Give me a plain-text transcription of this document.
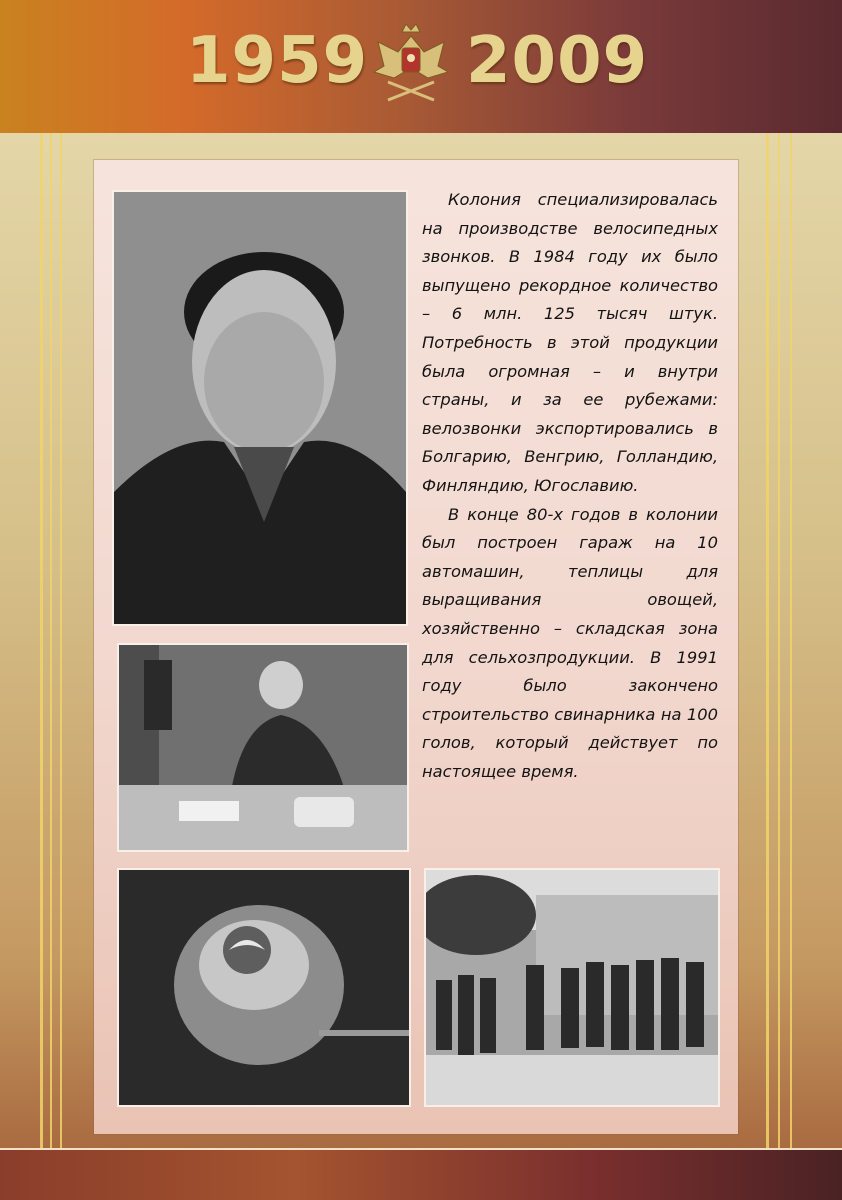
1959 2009

Колония специализировалась на производстве велосипедных звонков. В 1984 году их было выпущено рекордное количество – 6 млн. 125 тысяч штук. Потребность в этой продукции была огромная – и внутри страны, и за ее рубежами: велозвонки экспортировались в Болгарию, Венгрию, Голландию, Финляндию, Югославию.

В конце 80-х годов в колонии был построен гараж на 10 автомашин, теплицы для выращивания овощей, хозяйственно – складская зона для сельхозпродукции. В 1991 году было закончено строительство свинарника на 100 голов, который действует по настоящее время.
